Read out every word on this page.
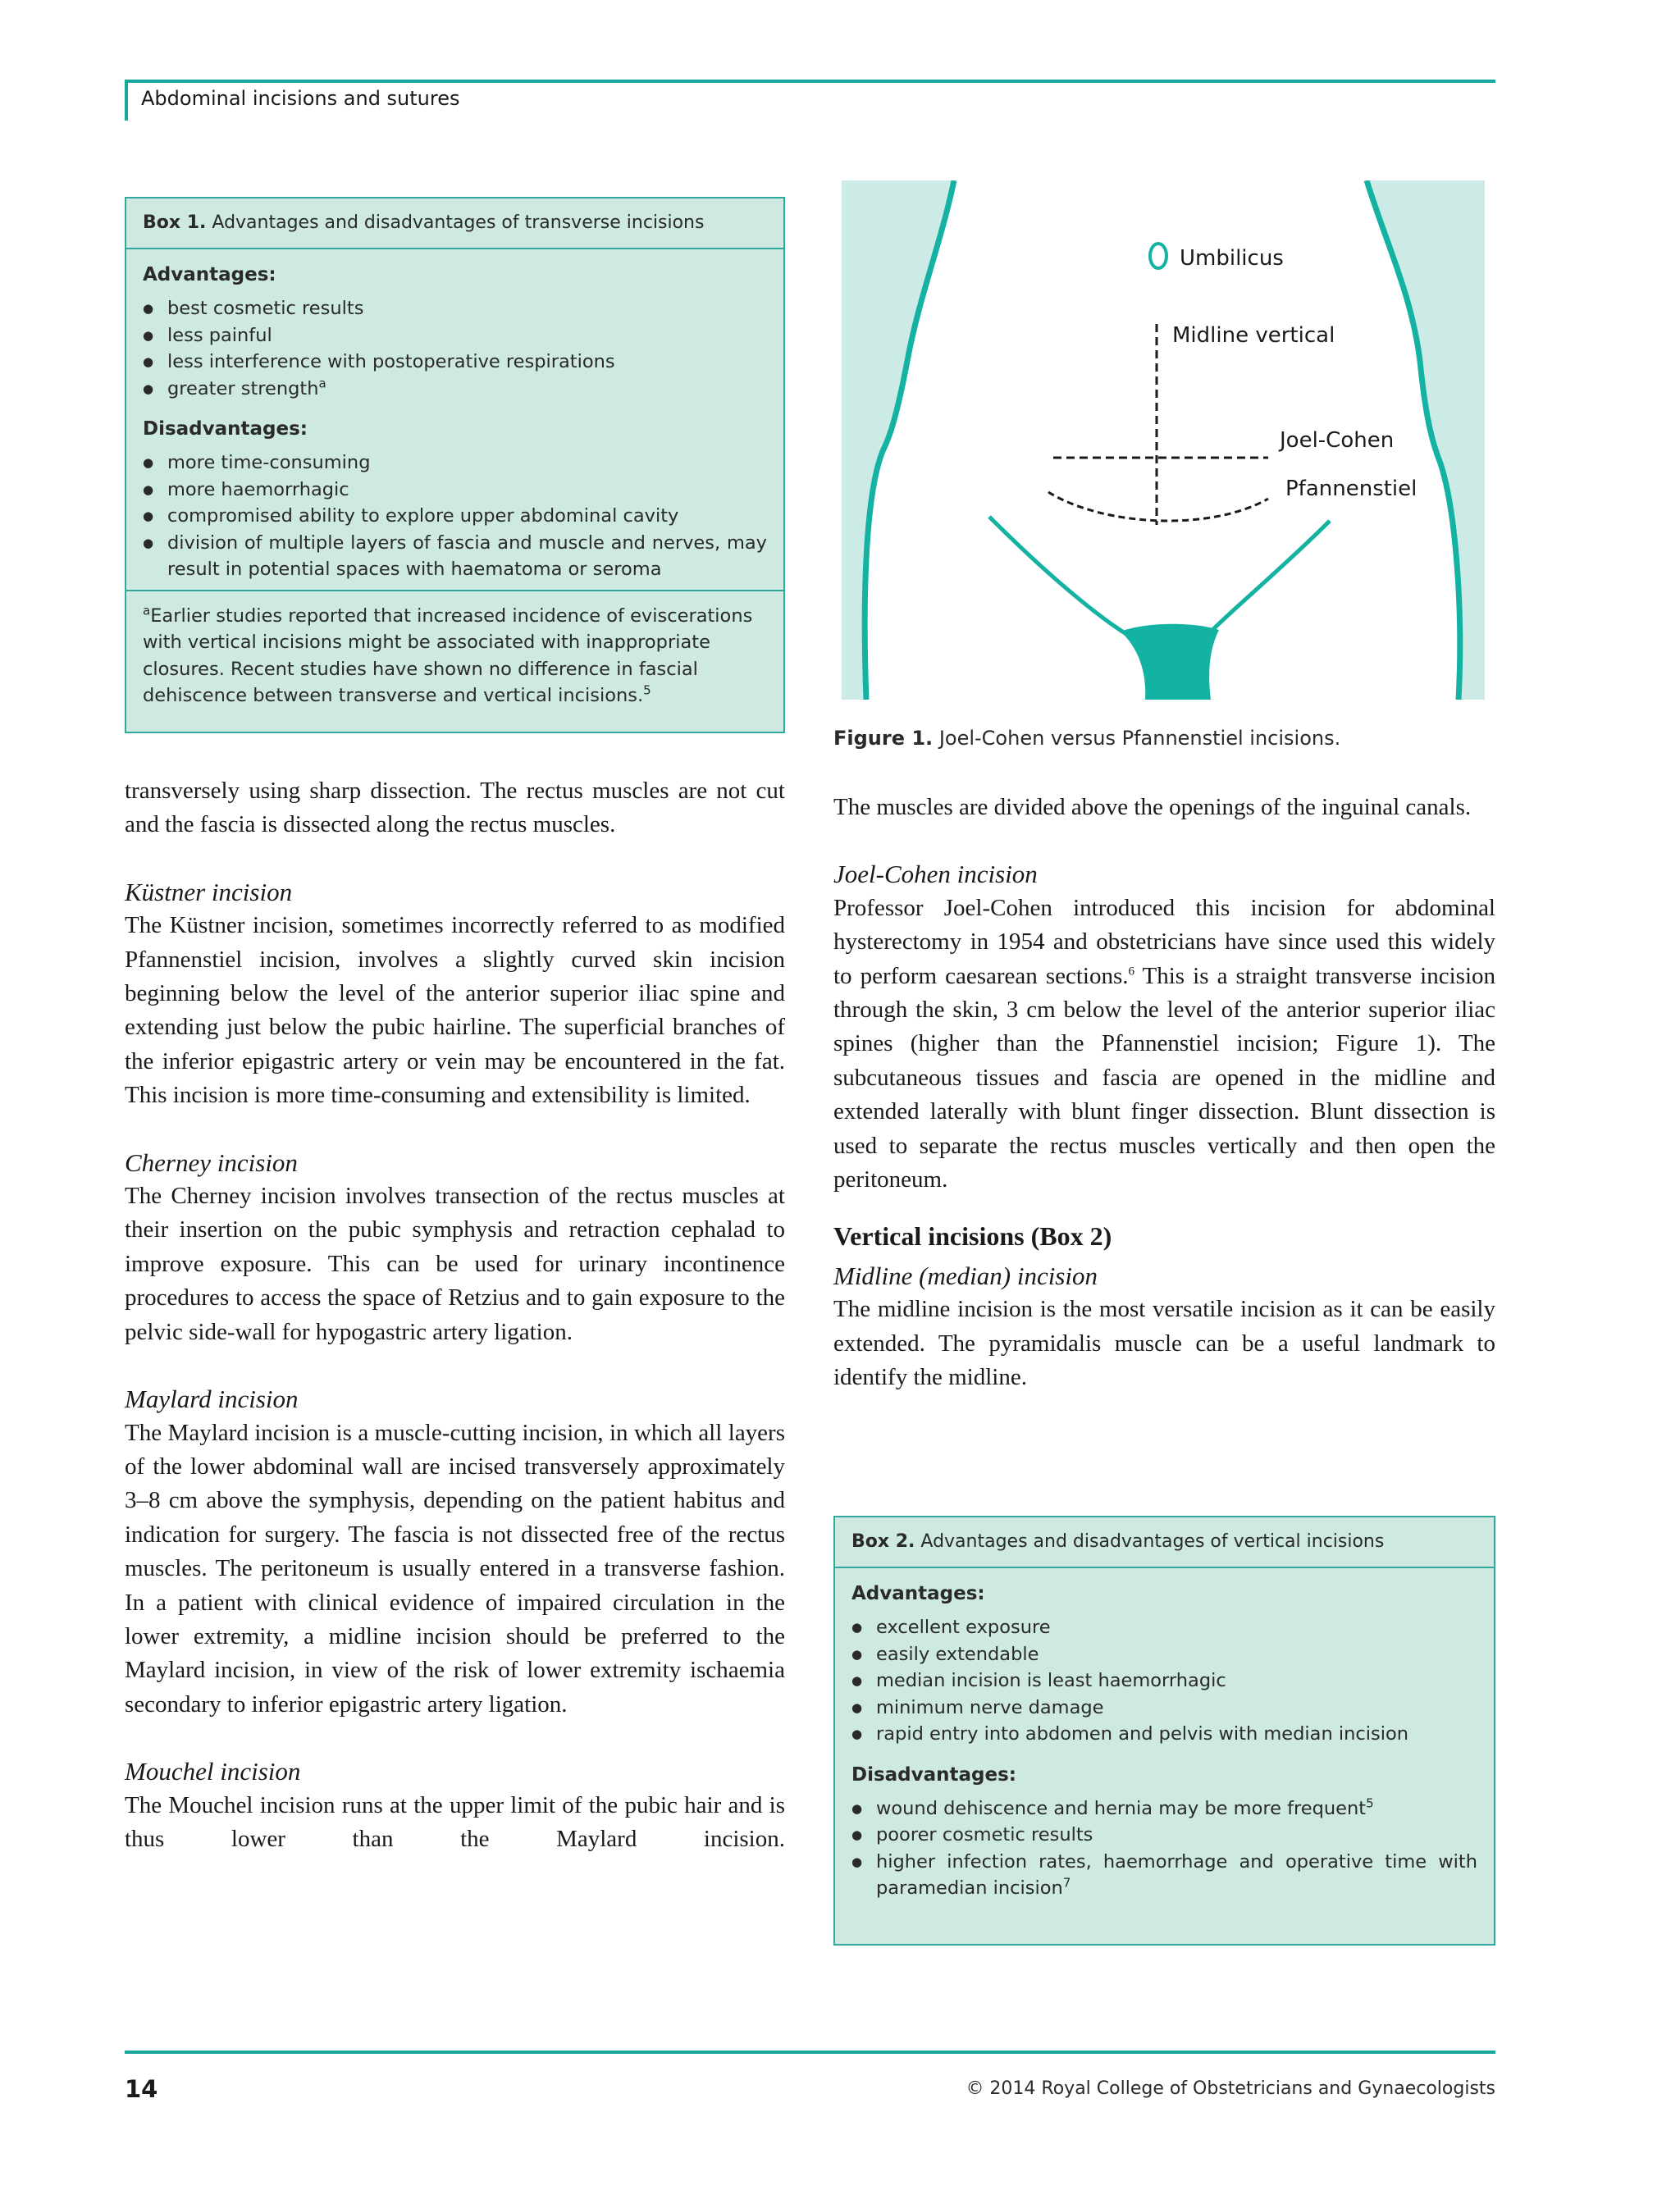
Abdominal incisions and sutures
Box 1. Advantages and disadvantages of transverse incisions
Advantages:
● best cosmetic results
● less painful
● less interference with postoperative respirations
● greater strength$^a$
Disadvantages:
● more time-consuming
● more haemorrhagic
● compromised ability to explore upper abdominal cavity
● division of multiple layers of fascia and muscle and nerves, may result in potential spaces with haematoma or seroma
$^a$Earlier studies reported that increased incidence of eviscerations with vertical incisions might be associated with inappropriate closures. Recent studies have shown no difference in fascial dehiscence between transverse and vertical incisions.$^5$
Umbilicus
Midline vertical
Joel-Cohen
Pfannenstiel
Figure 1. Joel-Cohen versus Pfannenstiel incisions.

transversely using sharp dissection. The rectus muscles are not cut and the fascia is dissected along the rectus muscles.

Küstner incision

The Küstner incision, sometimes incorrectly referred to as modified Pfannenstiel incision, involves a slightly curved skin incision beginning below the level of the anterior superior iliac spine and extending just below the pubic hairline. The superficial branches of the inferior epigastric artery or vein may be encountered in the fat. This incision is more time-consuming and extensibility is limited.

Cherney incision

The Cherney incision involves transection of the rectus muscles at their insertion on the pubic symphysis and retraction cephalad to improve exposure. This can be used for urinary incontinence procedures to access the space of Retzius and to gain exposure to the pelvic side-wall for hypogastric artery ligation.

Maylard incision

The Maylard incision is a muscle-cutting incision, in which all layers of the lower abdominal wall are incised transversely approximately 3–8 cm above the symphysis, depending on the patient habitus and indication for surgery. The fascia is not dissected free of the rectus muscles. The peritoneum is usually entered in a transverse fashion. In a patient with clinical evidence of impaired circulation in the lower extremity, a midline incision should be preferred to the Maylard incision, in view of the risk of lower extremity ischaemia secondary to inferior epigastric artery ligation.

Mouchel incision

The Mouchel incision runs at the upper limit of the pubic hair and is thus lower than the Maylard incision.

The muscles are divided above the openings of the inguinal canals.

Joel-Cohen incision

Professor Joel-Cohen introduced this incision for abdominal hysterectomy in 1954 and obstetricians have since used this widely to perform caesarean sections.$^6$ This is a straight transverse incision through the skin, 3 cm below the level of the anterior superior iliac spines (higher than the Pfannenstiel incision; Figure 1). The subcutaneous tissues and fascia are opened in the midline and extended laterally with blunt finger dissection. Blunt dissection is used to separate the rectus muscles vertically and then open the peritoneum.

Vertical incisions (Box 2)

Midline (median) incision

The midline incision is the most versatile incision as it can be easily extended. The pyramidalis muscle can be a useful landmark to identify the midline.

Box 2. Advantages and disadvantages of vertical incisions
Advantages:
● excellent exposure
● easily extendable
● median incision is least haemorrhagic
● minimum nerve damage
● rapid entry into abdomen and pelvis with median incision
Disadvantages:
● wound dehiscence and hernia may be more frequent$^5$
● poorer cosmetic results
● higher infection rates, haemorrhage and operative time with paramedian incision$^7$
14	© 2014 Royal College of Obstetricians and Gynaecologists
